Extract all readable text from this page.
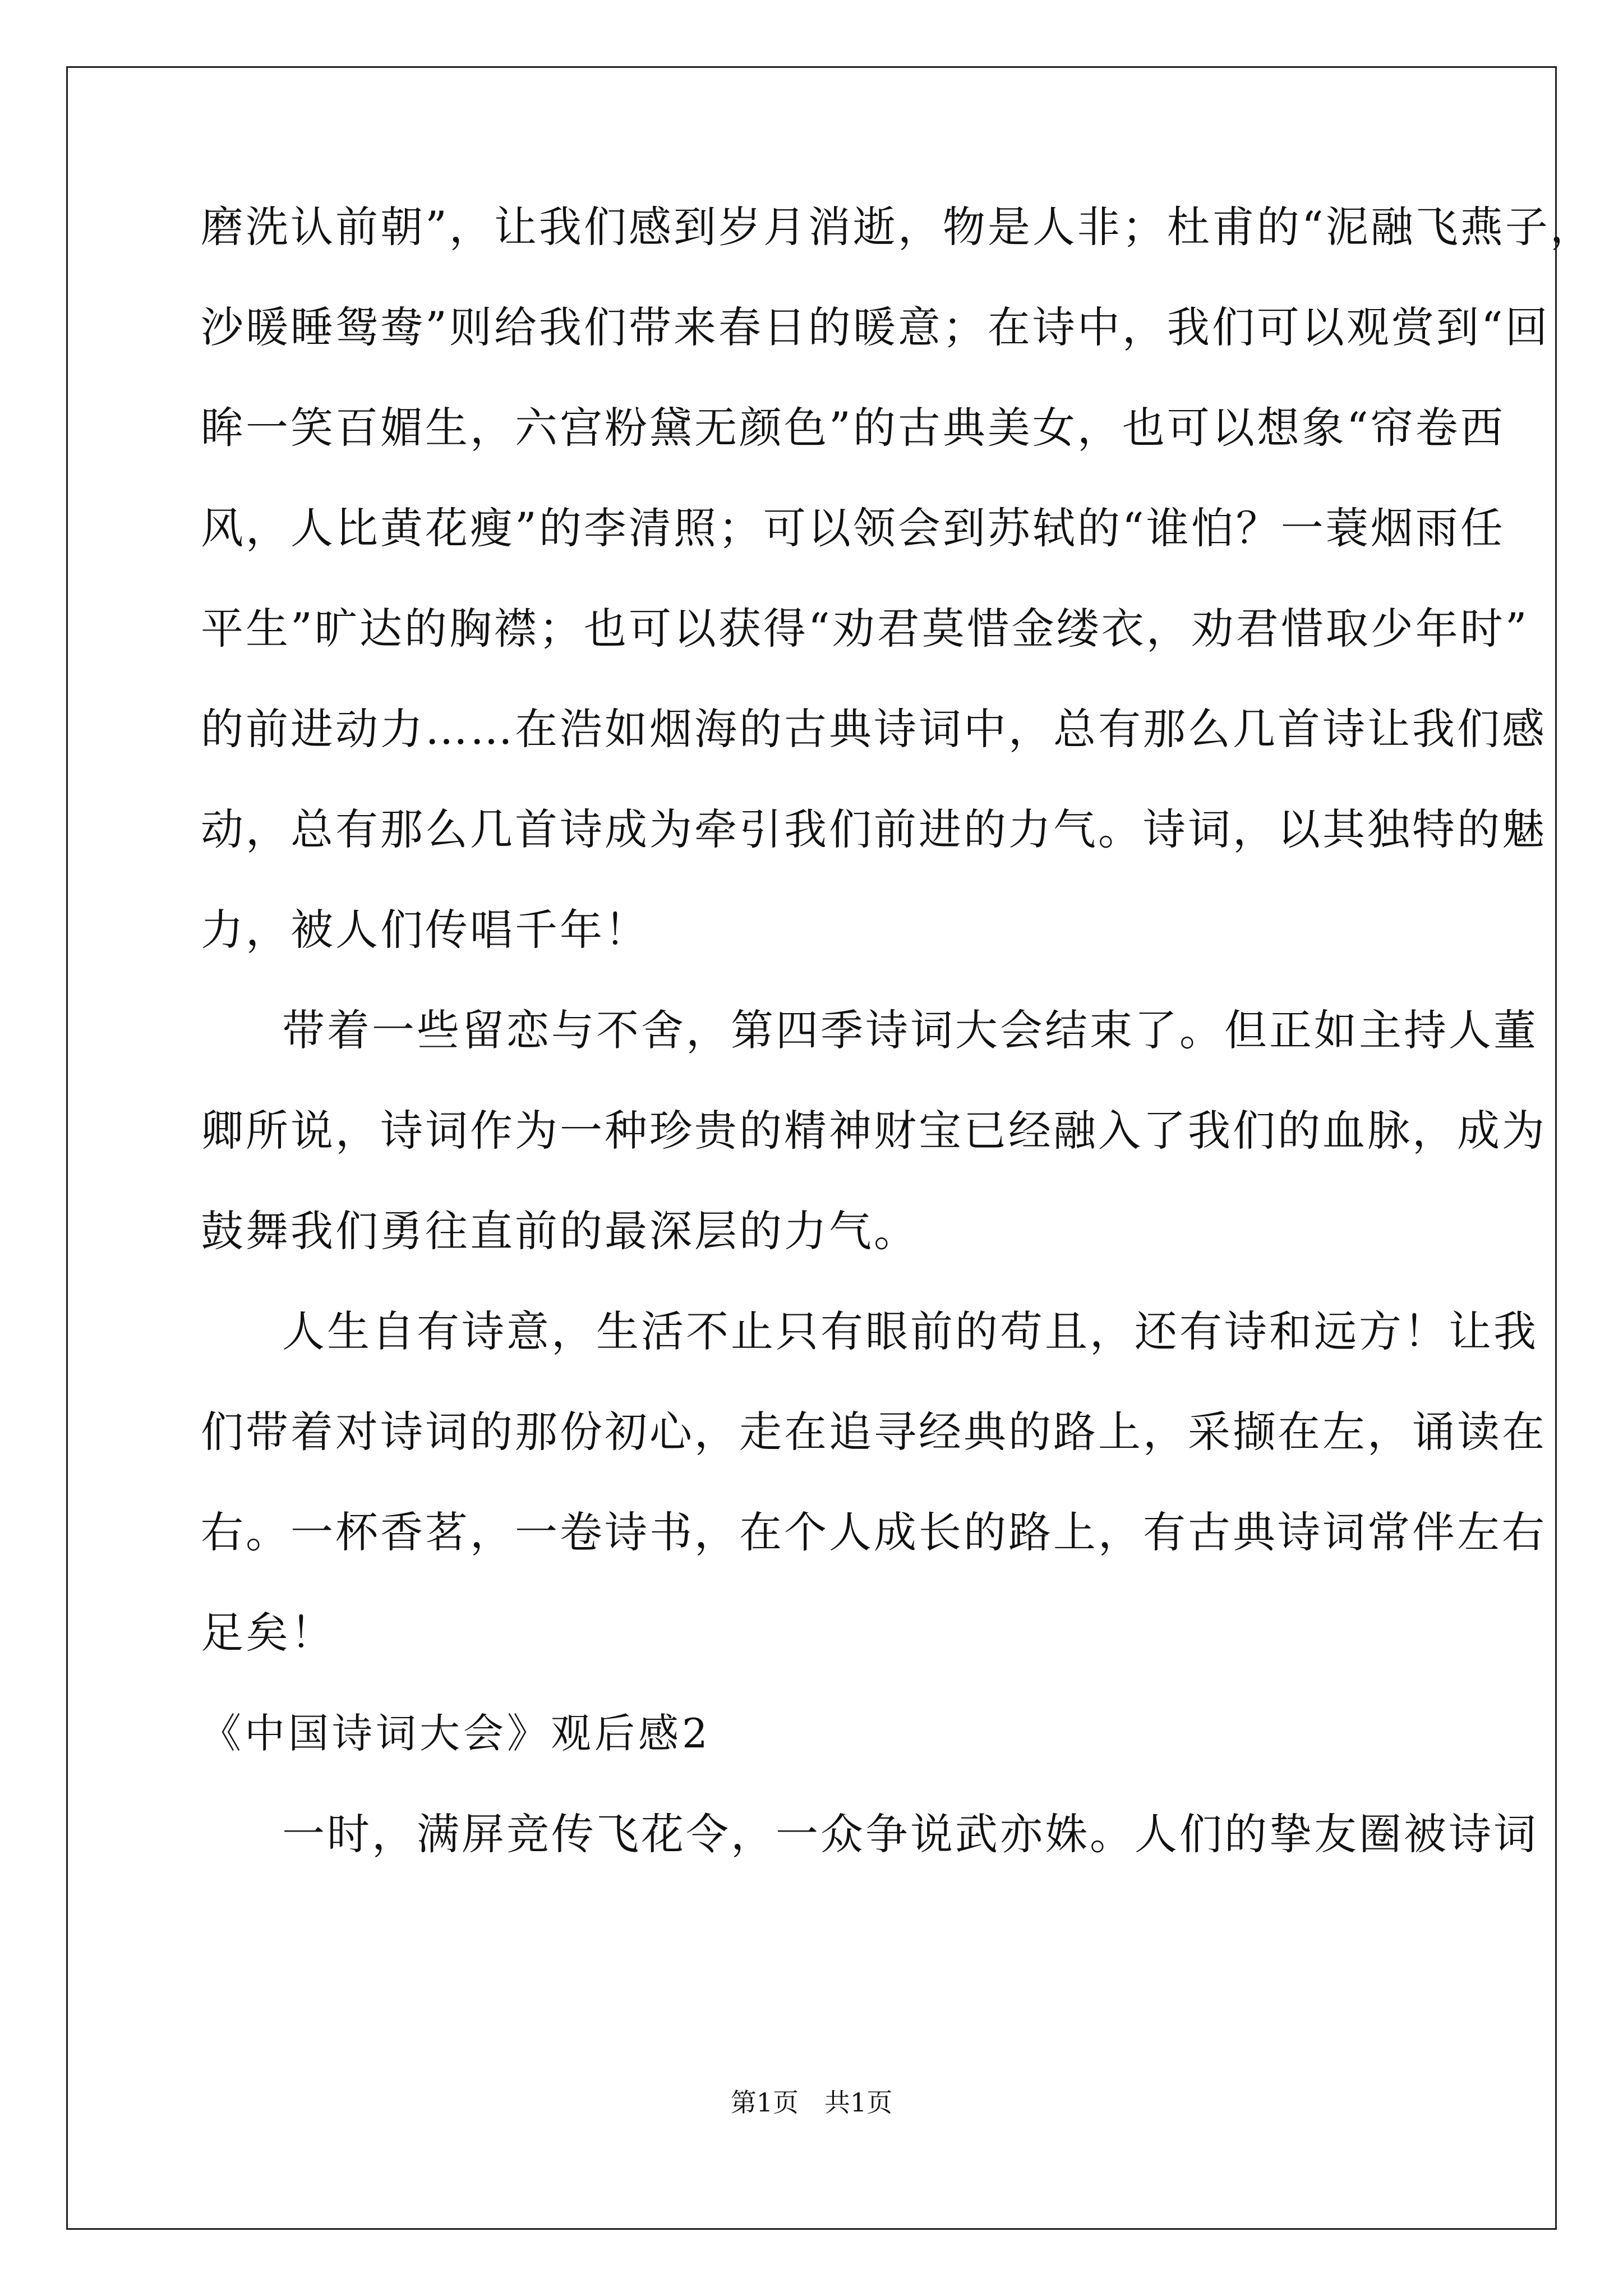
磨洗认前朝”，让我们感到岁月消逝，物是人非；杜甫的“泥融飞燕子，
沙暖睡鸳鸯”则给我们带来春日的暖意；在诗中，我们可以观赏到“回
眸一笑百媚生，六宫粉黛无颜色”的古典美女，也可以想象“帘卷西
风，人比黄花瘦”的李清照；可以领会到苏轼的“谁怕？一蓑烟雨任
平生”旷达的胸襟；也可以获得“劝君莫惜金缕衣，劝君惜取少年时”
的前进动力……在浩如烟海的古典诗词中，总有那么几首诗让我们感
动，总有那么几首诗成为牵引我们前进的力气。诗词，以其独特的魅
力，被人们传唱千年！
带着一些留恋与不舍，第四季诗词大会结束了。但正如主持人董
卿所说，诗词作为一种珍贵的精神财宝已经融入了我们的血脉，成为
鼓舞我们勇往直前的最深层的力气。
人生自有诗意，生活不止只有眼前的苟且，还有诗和远方！让我
们带着对诗词的那份初心，走在追寻经典的路上，采撷在左，诵读在
右。一杯香茗，一卷诗书，在个人成长的路上，有古典诗词常伴左右
足矣！
《中国诗词大会》观后感2
一时，满屏竞传飞花令，一众争说武亦姝。人们的挚友圈被诗词
第1页　共1页
